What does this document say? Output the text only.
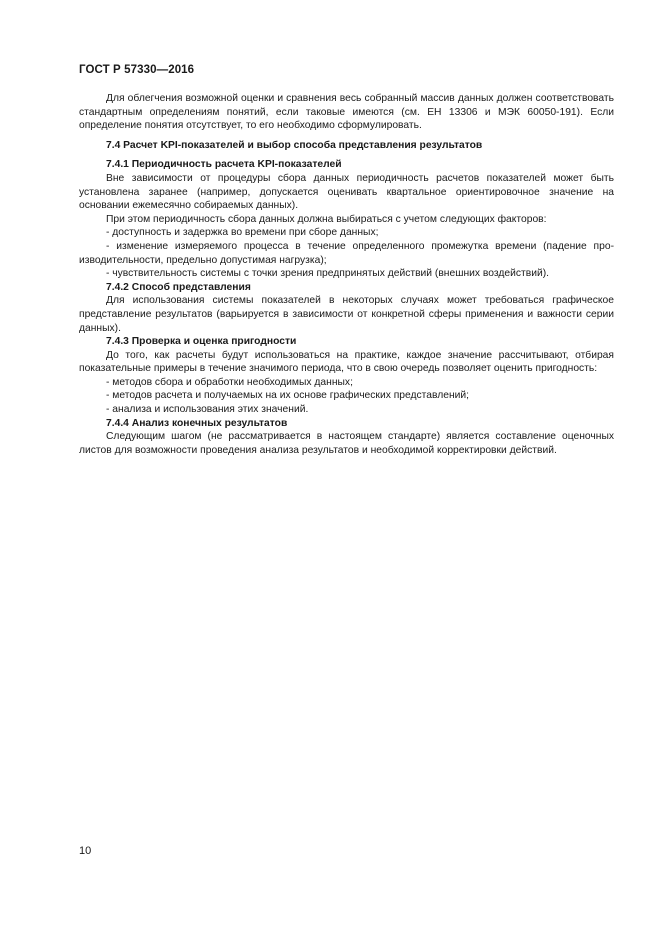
ГОСТ Р 57330—2016

Для облегчения возможной оценки и сравнения весь собранный массив данных должен соответствовать стандартным определениям понятий, если таковые имеются (см. ЕН 13306 и МЭК 60050-191). Если определение понятия отсутствует, то его необходимо сформулировать.

7.4 Расчет KPI-показателей и выбор способа представления результатов

7.4.1 Периодичность расчета KPI-показателей

Вне зависимости от процедуры сбора данных периодичность расчетов показателей может быть установлена заранее (например, допускается оценивать квартальное ориентировочное значение на основании ежемесячно собираемых данных).

При этом периодичность сбора данных должна выбираться с учетом следующих факторов:

- доступность и задержка во времени при сборе данных;

- изменение измеряемого процесса в течение определенного промежутка времени (падение производительности, предельно допустимая нагрузка);

- чувствительность системы с точки зрения предпринятых действий (внешних воздействий).

7.4.2 Способ представления

Для использования системы показателей в некоторых случаях может требоваться графическое представление результатов (варьируется в зависимости от конкретной сферы применения и важности серии данных).

7.4.3 Проверка и оценка пригодности

До того, как расчеты будут использоваться на практике, каждое значение рассчитывают, отбирая показательные примеры в течение значимого периода, что в свою очередь позволяет оценить пригодность:

- методов сбора и обработки необходимых данных;

- методов расчета и получаемых на их основе графических представлений;

- анализа и использования этих значений.

7.4.4 Анализ конечных результатов

Следующим шагом (не рассматривается в настоящем стандарте) является составление оценочных листов для возможности проведения анализа результатов и необходимой корректировки действий.

10
